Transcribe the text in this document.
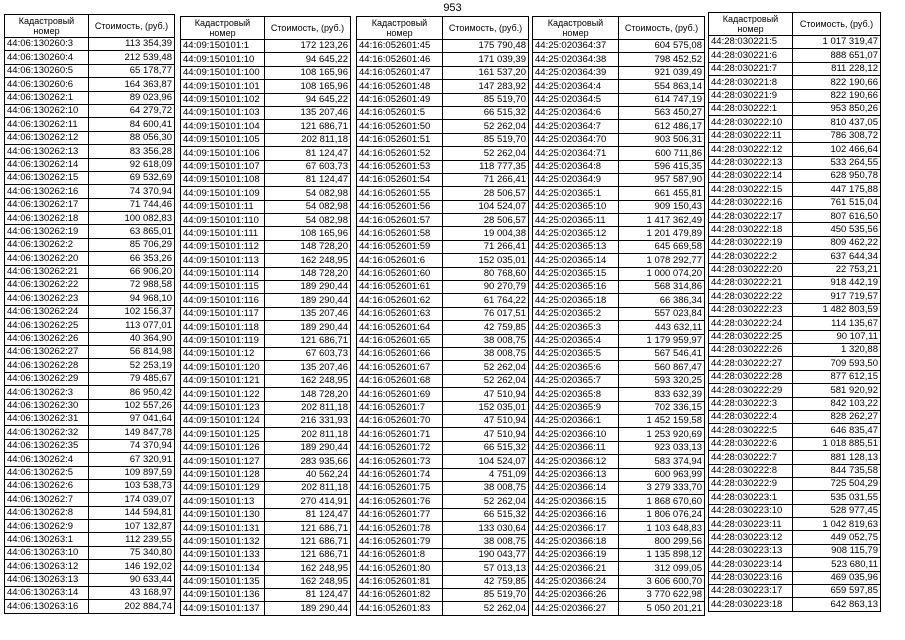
953
Кадастровый номер	Стоимость, (руб.)
44:06:130260:3	113 354,39
44:06:130260:4	212 539,48
44:06:130260:5	65 178,77
44:06:130260:6	164 363,87
44:06:130262:1	89 023,96
44:06:130262:10	64 279,72
44:06:130262:11	84 600,41
44:06:130262:12	88 056,30
44:06:130262:13	83 356,28
44:06:130262:14	92 618,09
44:06:130262:15	69 532,69
44:06:130262:16	74 370,94
44:06:130262:17	71 744,46
44:06:130262:18	100 082,83
44:06:130262:19	63 865,01
44:06:130262:2	85 706,29
44:06:130262:20	66 353,26
44:06:130262:21	66 906,20
44:06:130262:22	72 988,58
44:06:130262:23	94 968,10
44:06:130262:24	102 156,37
44:06:130262:25	113 077,01
44:06:130262:26	40 364,90
44:06:130262:27	56 814,98
44:06:130262:28	52 253,19
44:06:130262:29	79 485,67
44:06:130262:3	86 950,42
44:06:130262:30	102 557,26
44:06:130262:31	97 041,64
44:06:130262:32	149 847,78
44:06:130262:35	74 370,94
44:06:130262:4	67 320,91
44:06:130262:5	109 897,59
44:06:130262:6	103 538,73
44:06:130262:7	174 039,07
44:06:130262:8	144 594,81
44:06:130262:9	107 132,87
44:06:130263:1	112 239,55
44:06:130263:10	75 340,80
44:06:130263:12	146 192,02
44:06:130263:13	90 633,44
44:06:130263:14	43 168,97
44:06:130263:16	202 884,74
Кадастровый номер	Стоимость, (руб.)
44:09:150101:1	172 123,26
44:09:150101:10	94 645,22
44:09:150101:100	108 165,96
44:09:150101:101	108 165,96
44:09:150101:102	94 645,22
44:09:150101:103	135 207,46
44:09:150101:104	121 686,71
44:09:150101:105	202 811,18
44:09:150101:106	81 124,47
44:09:150101:107	67 603,73
44:09:150101:108	81 124,47
44:09:150101:109	54 082,98
44:09:150101:11	54 082,98
44:09:150101:110	54 082,98
44:09:150101:111	108 165,96
44:09:150101:112	148 728,20
44:09:150101:113	162 248,95
44:09:150101:114	148 728,20
44:09:150101:115	189 290,44
44:09:150101:116	189 290,44
44:09:150101:117	135 207,46
44:09:150101:118	189 290,44
44:09:150101:119	121 686,71
44:09:150101:12	67 603,73
44:09:150101:120	135 207,46
44:09:150101:121	162 248,95
44:09:150101:122	148 728,20
44:09:150101:123	202 811,18
44:09:150101:124	216 331,93
44:09:150101:125	202 811,18
44:09:150101:126	189 290,44
44:09:150101:127	283 935,66
44:09:150101:128	40 562,24
44:09:150101:129	202 811,18
44:09:150101:13	270 414,91
44:09:150101:130	81 124,47
44:09:150101:131	121 686,71
44:09:150101:132	121 686,71
44:09:150101:133	121 686,71
44:09:150101:134	162 248,95
44:09:150101:135	162 248,95
44:09:150101:136	81 124,47
44:09:150101:137	189 290,44
Кадастровый номер	Стоимость, (руб.)
44:16:052601:45	175 790,48
44:16:052601:46	171 039,39
44:16:052601:47	161 537,20
44:16:052601:48	147 283,92
44:16:052601:49	85 519,70
44:16:052601:5	66 515,32
44:16:052601:50	52 262,04
44:16:052601:51	85 519,70
44:16:052601:52	52 262,04
44:16:052601:53	118 777,35
44:16:052601:54	71 266,41
44:16:052601:55	28 506,57
44:16:052601:56	104 524,07
44:16:052601:57	28 506,57
44:16:052601:58	19 004,38
44:16:052601:59	71 266,41
44:16:052601:6	152 035,01
44:16:052601:60	80 768,60
44:16:052601:61	90 270,79
44:16:052601:62	61 764,22
44:16:052601:63	76 017,51
44:16:052601:64	42 759,85
44:16:052601:65	38 008,75
44:16:052601:66	38 008,75
44:16:052601:67	52 262,04
44:16:052601:68	52 262,04
44:16:052601:69	47 510,94
44:16:052601:7	152 035,01
44:16:052601:70	47 510,94
44:16:052601:71	47 510,94
44:16:052601:72	66 515,32
44:16:052601:73	104 524,07
44:16:052601:74	4 751,09
44:16:052601:75	38 008,75
44:16:052601:76	52 262,04
44:16:052601:77	66 515,32
44:16:052601:78	133 030,64
44:16:052601:79	38 008,75
44:16:052601:8	190 043,77
44:16:052601:80	57 013,13
44:16:052601:81	42 759,85
44:16:052601:82	85 519,70
44:16:052601:83	52 262,04
Кадастровый номер	Стоимость, (руб.)
44:25:020364:37	604 575,08
44:25:020364:38	798 452,52
44:25:020364:39	921 039,49
44:25:020364:4	554 863,14
44:25:020364:5	614 747,19
44:25:020364:6	563 450,27
44:25:020364:7	612 486,17
44:25:020364:70	903 506,31
44:25:020364:71	600 711,86
44:25:020364:8	596 415,35
44:25:020364:9	957 587,90
44:25:020365:1	661 455,81
44:25:020365:10	909 150,43
44:25:020365:11	1 417 362,49
44:25:020365:12	1 201 479,89
44:25:020365:13	645 669,58
44:25:020365:14	1 078 292,77
44:25:020365:15	1 000 074,20
44:25:020365:16	568 314,86
44:25:020365:18	66 386,34
44:25:020365:2	557 023,84
44:25:020365:3	443 632,11
44:25:020365:4	1 179 959,97
44:25:020365:5	567 546,41
44:25:020365:6	560 867,47
44:25:020365:7	593 320,25
44:25:020365:8	833 632,39
44:25:020365:9	702 336,15
44:25:020366:1	1 452 159,58
44:25:020366:10	1 253 920,69
44:25:020366:11	923 033,13
44:25:020366:12	583 374,94
44:25:020366:13	600 963,99
44:25:020366:14	3 279 333,70
44:25:020366:15	1 868 670,60
44:25:020366:16	1 806 076,24
44:25:020366:17	1 103 648,83
44:25:020366:18	800 299,56
44:25:020366:19	1 135 898,12
44:25:020366:21	312 099,05
44:25:020366:24	3 606 600,70
44:25:020366:26	3 770 622,98
44:25:020366:27	5 050 201,21
Кадастровый номер	Стоимость, (руб.)
44:28:030221:5	1 017 319,47
44:28:030221:6	888 651,07
44:28:030221:7	811 228,12
44:28:030221:8	822 190,66
44:28:030221:9	822 190,66
44:28:030222:1	953 850,26
44:28:030222:10	810 437,05
44:28:030222:11	786 308,72
44:28:030222:12	102 466,64
44:28:030222:13	533 264,55
44:28:030222:14	628 950,78
44:28:030222:15	447 175,88
44:28:030222:16	761 515,04
44:28:030222:17	807 616,50
44:28:030222:18	450 535,56
44:28:030222:19	809 462,22
44:28:030222:2	637 644,34
44:28:030222:20	22 753,21
44:28:030222:21	918 442,19
44:28:030222:22	917 719,57
44:28:030222:23	1 482 803,59
44:28:030222:24	114 135,67
44:28:030222:25	90 107,11
44:28:030222:26	1 320,88
44:28:030222:27	709 593,50
44:28:030222:28	877 612,15
44:28:030222:29	581 920,92
44:28:030222:3	842 103,22
44:28:030222:4	828 262,27
44:28:030222:5	646 835,47
44:28:030222:6	1 018 885,51
44:28:030222:7	881 128,13
44:28:030222:8	844 735,58
44:28:030222:9	725 504,29
44:28:030223:1	535 031,55
44:28:030223:10	528 977,45
44:28:030223:11	1 042 819,63
44:28:030223:12	449 052,75
44:28:030223:13	908 115,79
44:28:030223:14	523 680,11
44:28:030223:16	469 035,96
44:28:030223:17	659 597,85
44:28:030223:18	642 863,13
